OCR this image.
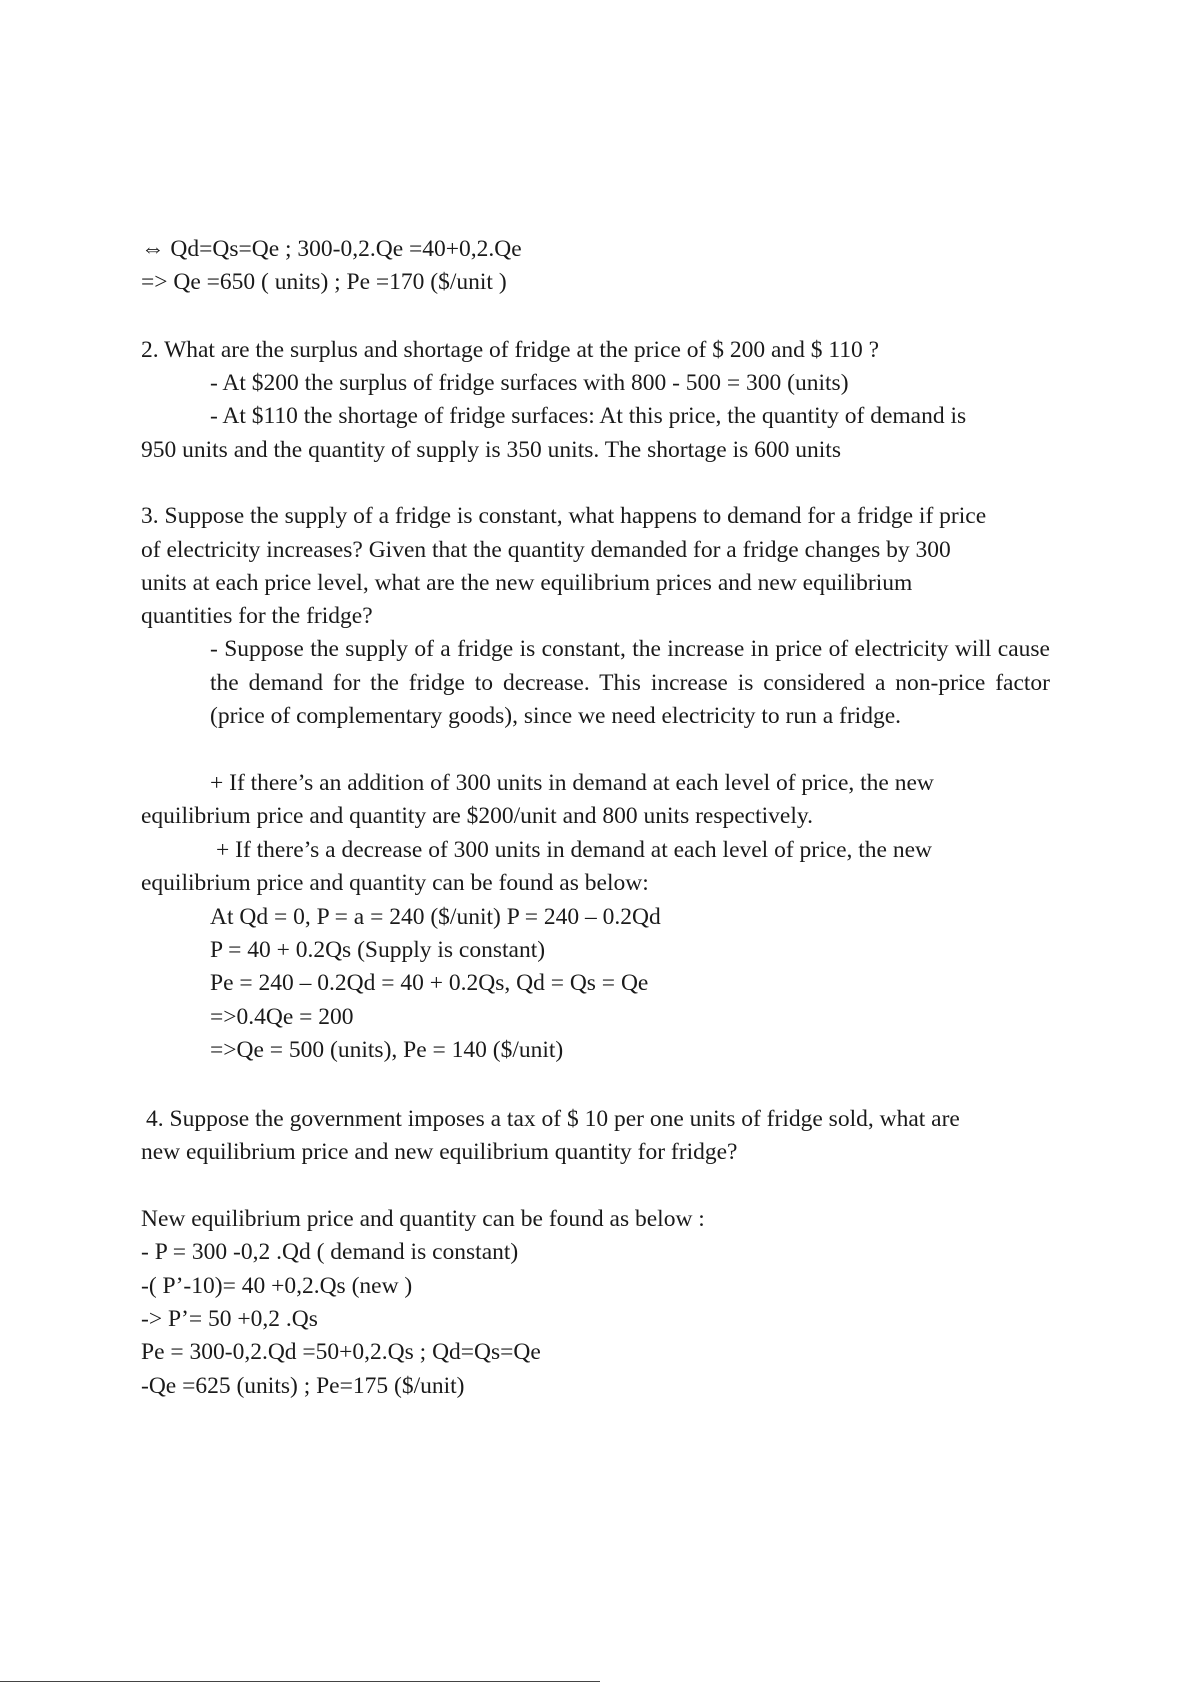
⇔ Qd=Qs=Qe ; 300-0,2.Qe =40+0,2.Qe
=> Qe =650 ( units) ; Pe =170 ($/unit )
2. What are the surplus and shortage of fridge at the price of $ 200 and $ 110 ?
- At $200 the surplus of fridge surfaces with 800 - 500 = 300 (units)
- At $110 the shortage of fridge surfaces: At this price, the quantity of demand is
950 units and the quantity of supply is 350 units. The shortage is 600 units
3. Suppose the supply of a fridge is constant, what happens to demand for a fridge if price
of electricity increases? Given that the quantity demanded for a fridge changes by 300
units at each price level, what are the new equilibrium prices and new equilibrium
quantities for the fridge?
- Suppose the supply of a fridge is constant, the increase in price of electricity will cause the demand for the fridge to decrease. This increase is considered a non-price factor (price of complementary goods), since we need electricity to run a fridge.
+ If there’s an addition of 300 units in demand at each level of price, the new
equilibrium price and quantity are $200/unit and 800 units respectively.
+ If there’s a decrease of 300 units in demand at each level of price, the new
equilibrium price and quantity can be found as below:
At Qd = 0, P = a = 240 ($/unit) P = 240 – 0.2Qd
P = 40 + 0.2Qs (Supply is constant)
Pe = 240 – 0.2Qd = 40 + 0.2Qs, Qd = Qs = Qe
=>0.4Qe = 200
=>Qe = 500 (units), Pe = 140 ($/unit)
4. Suppose the government imposes a tax of $ 10 per one units of fridge sold, what are
new equilibrium price and new equilibrium quantity for fridge?
New equilibrium price and quantity can be found as below :
- P = 300 -0,2 .Qd ( demand is constant)
-( P’-10)= 40 +0,2.Qs (new )
-> P’= 50 +0,2 .Qs
Pe = 300-0,2.Qd =50+0,2.Qs ; Qd=Qs=Qe
-Qe =625 (units) ; Pe=175 ($/unit)
